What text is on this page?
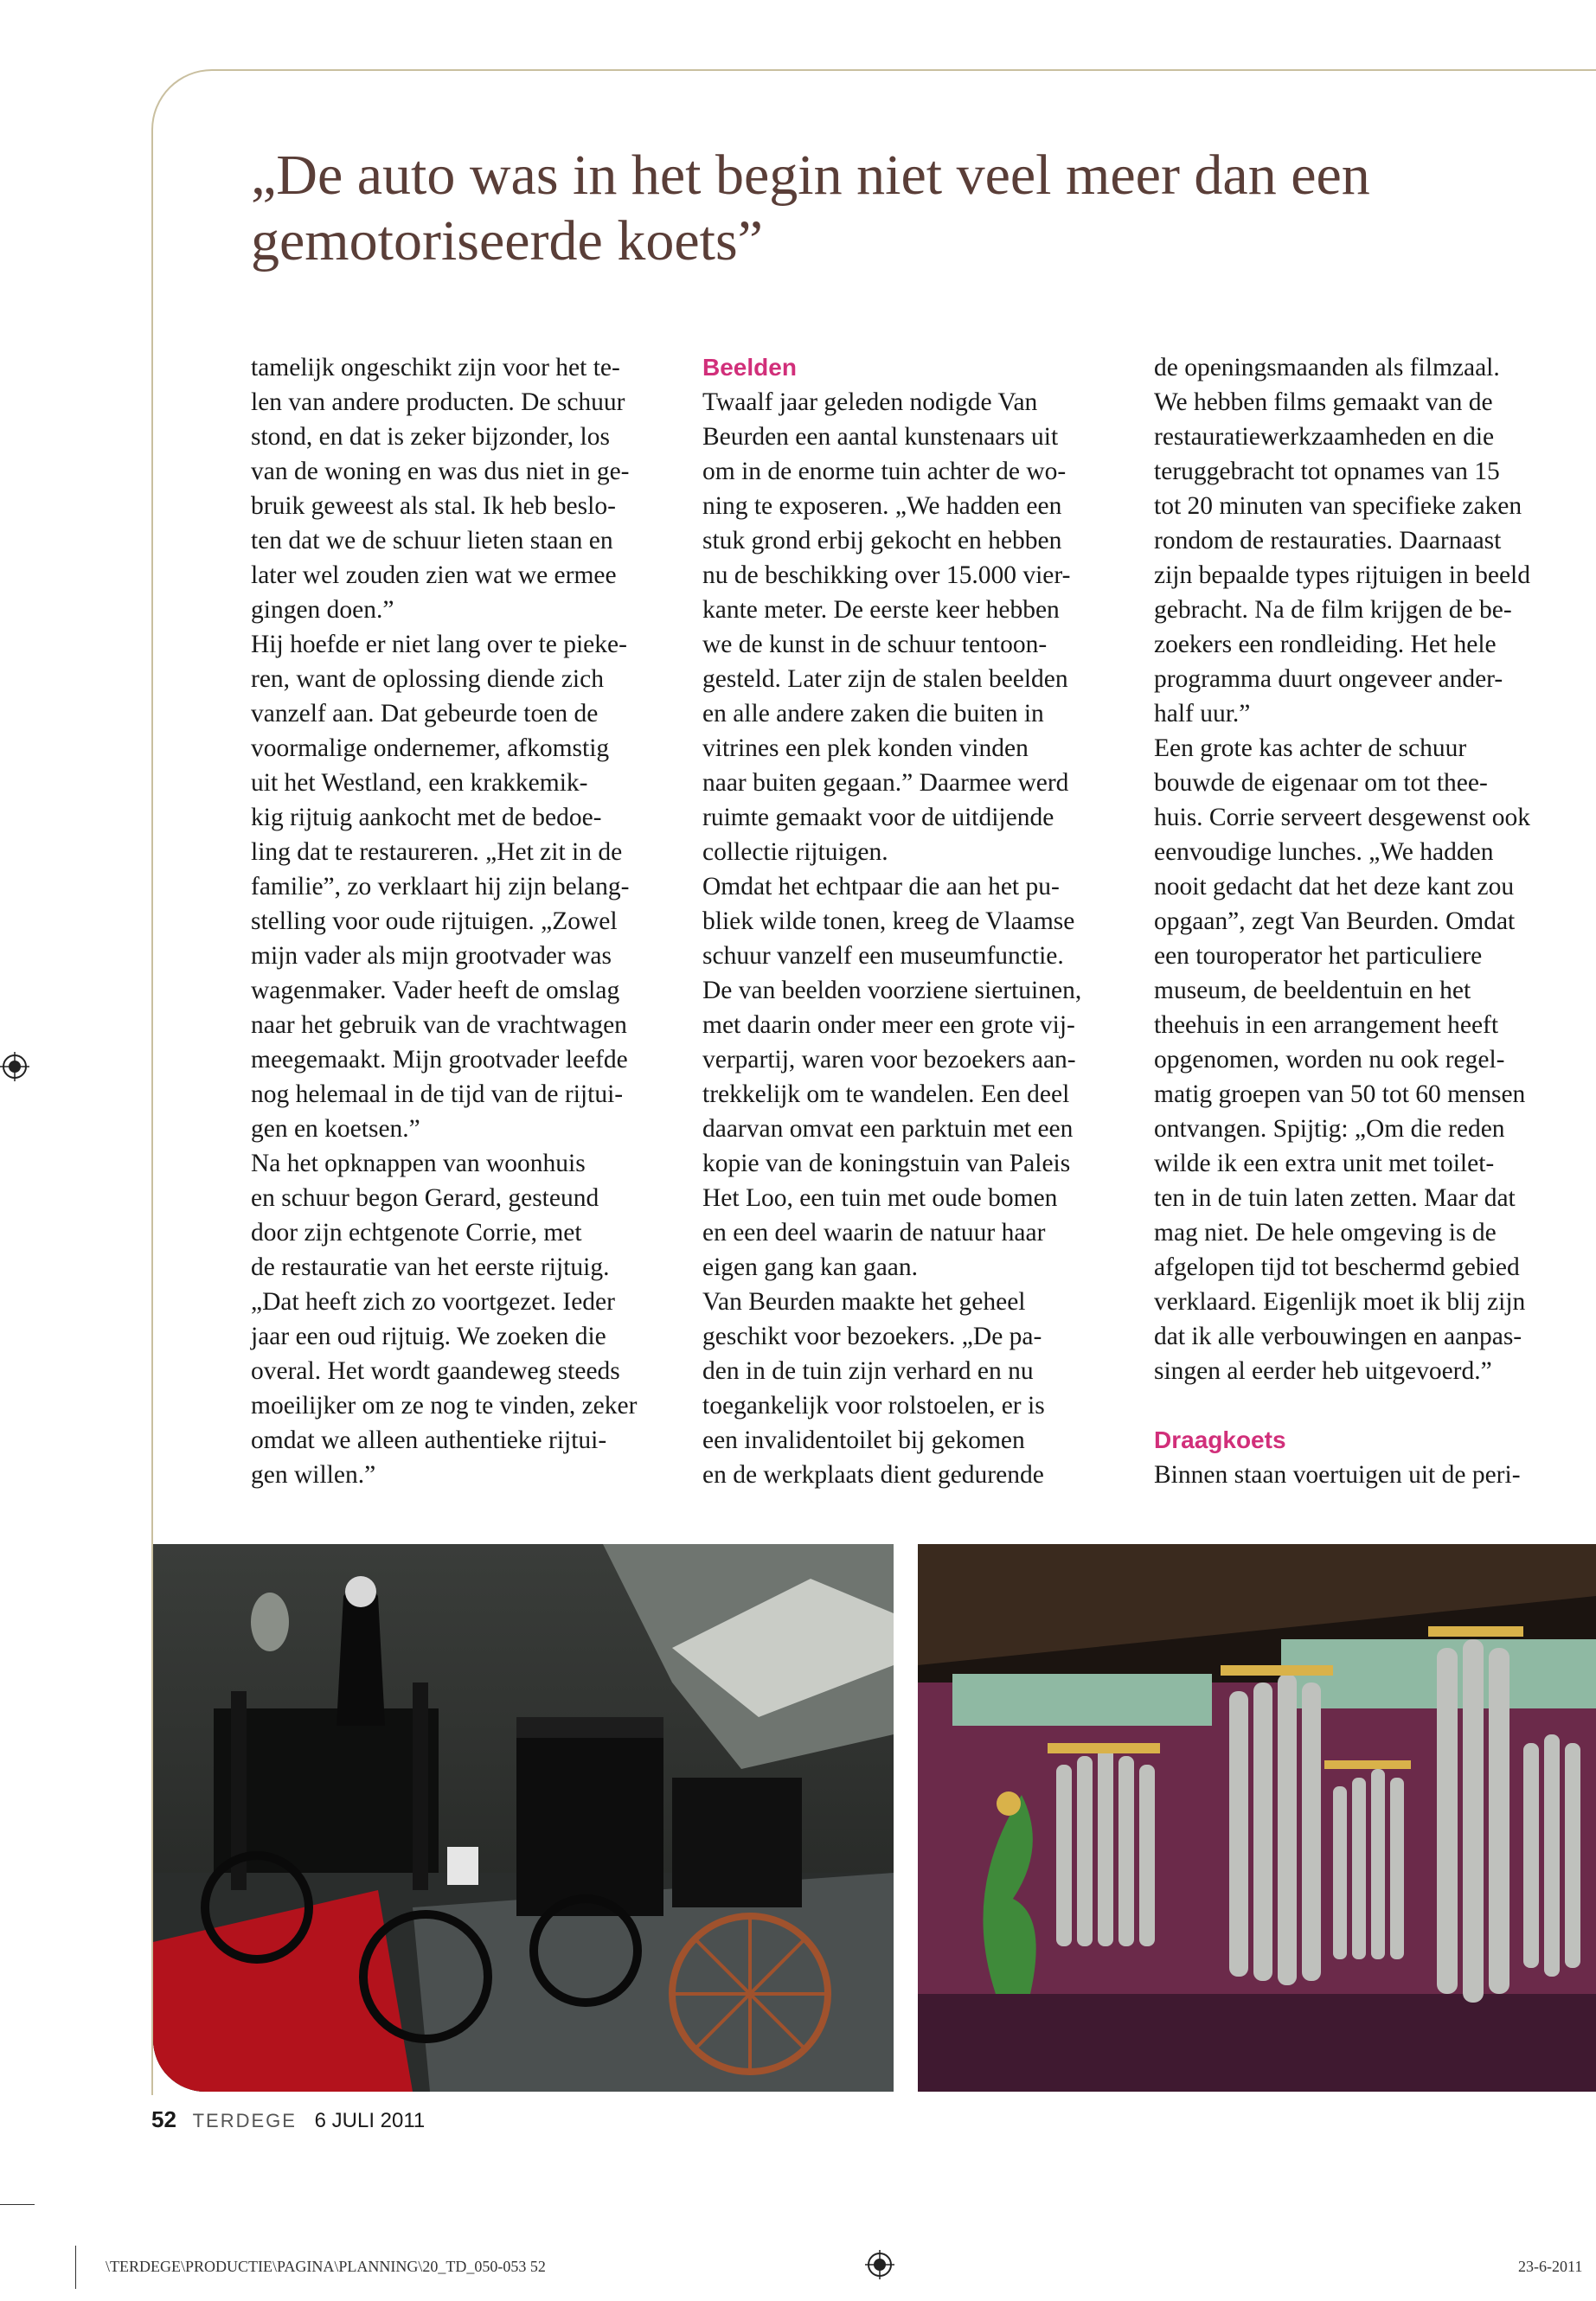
„De auto was in het begin niet veel meer dan een
gemotoriseerde koets”
tamelijk ongeschikt zijn voor het te-
len van andere producten. De schuur
stond, en dat is zeker bijzonder, los
van de woning en was dus niet in ge-
bruik geweest als stal. Ik heb beslo-
ten dat we de schuur lieten staan en
later wel zouden zien wat we ermee
gingen doen.”
Hij hoefde er niet lang over te pieke-
ren, want de oplossing diende zich
vanzelf aan. Dat gebeurde toen de
voormalige ondernemer, afkomstig
uit het Westland, een krakkemik-
kig rijtuig aankocht met de bedoe-
ling dat te restaureren. „Het zit in de
familie”, zo verklaart hij zijn belang-
stelling voor oude rijtuigen. „Zowel
mijn vader als mijn grootvader was
wagenmaker. Vader heeft de omslag
naar het gebruik van de vrachtwagen
meegemaakt. Mijn grootvader leefde
nog helemaal in de tijd van de rijtui-
gen en koetsen.”
Na het opknappen van woonhuis
en schuur begon Gerard, gesteund
door zijn echtgenote Corrie, met
de restauratie van het eerste rijtuig.
„Dat heeft zich zo voortgezet. Ieder
jaar een oud rijtuig. We zoeken die
overal. Het wordt gaandeweg steeds
moeilijker om ze nog te vinden, zeker
omdat we alleen authentieke rijtui-
gen willen.”
Beelden
Twaalf jaar geleden nodigde Van
Beurden een aantal kunstenaars uit
om in de enorme tuin achter de wo-
ning te exposeren. „We hadden een
stuk grond erbij gekocht en hebben
nu de beschikking over 15.000 vier-
kante meter. De eerste keer hebben
we de kunst in de schuur tentoon-
gesteld. Later zijn de stalen beelden
en alle andere zaken die buiten in
vitrines een plek konden vinden
naar buiten gegaan.” Daarmee werd
ruimte gemaakt voor de uitdijende
collectie rijtuigen.
Omdat het echtpaar die aan het pu-
bliek wilde tonen, kreeg de Vlaamse
schuur vanzelf een museumfunctie.
De van beelden voorziene siertuinen,
met daarin onder meer een grote vij-
verpartij, waren voor bezoekers aan-
trekkelijk om te wandelen. Een deel
daarvan omvat een parktuin met een
kopie van de koningstuin van Paleis
Het Loo, een tuin met oude bomen
en een deel waarin de natuur haar
eigen gang kan gaan.
Van Beurden maakte het geheel
geschikt voor bezoekers. „De pa-
den in de tuin zijn verhard en nu
toegankelijk voor rolstoelen, er is
een invalidentoilet bij gekomen
en de werkplaats dient gedurende
de openingsmaanden als filmzaal.
We hebben films gemaakt van de
restauratiewerkzaamheden en die
teruggebracht tot opnames van 15
tot 20 minuten van specifieke zaken
rondom de restauraties. Daarnaast
zijn bepaalde types rijtuigen in beeld
gebracht. Na de film krijgen de be-
zoekers een rondleiding. Het hele
programma duurt ongeveer ander-
half uur.”
Een grote kas achter de schuur
bouwde de eigenaar om tot thee-
huis. Corrie serveert desgewenst ook
eenvoudige lunches. „We hadden
nooit gedacht dat het deze kant zou
opgaan”, zegt Van Beurden. Omdat
een touroperator het particuliere
museum, de beeldentuin en het
theehuis in een arrangement heeft
opgenomen, worden nu ook regel-
matig groepen van 50 tot 60 mensen
ontvangen. Spijtig: „Om die reden
wilde ik een extra unit met toilet-
ten in de tuin laten zetten. Maar dat
mag niet. De hele omgeving is de
afgelopen tijd tot beschermd gebied
verklaard. Eigenlijk moet ik blij zijn
dat ik alle verbouwingen en aanpas-
singen al eerder heb uitgevoerd.”
Draagkoets
Binnen staan voertuigen uit de peri-
52 TERDEGE 6 JULI 2011
\TERDEGE\PRODUCTIE\PAGINA\PLANNING\20_TD_050-053 52	23-6-2011
